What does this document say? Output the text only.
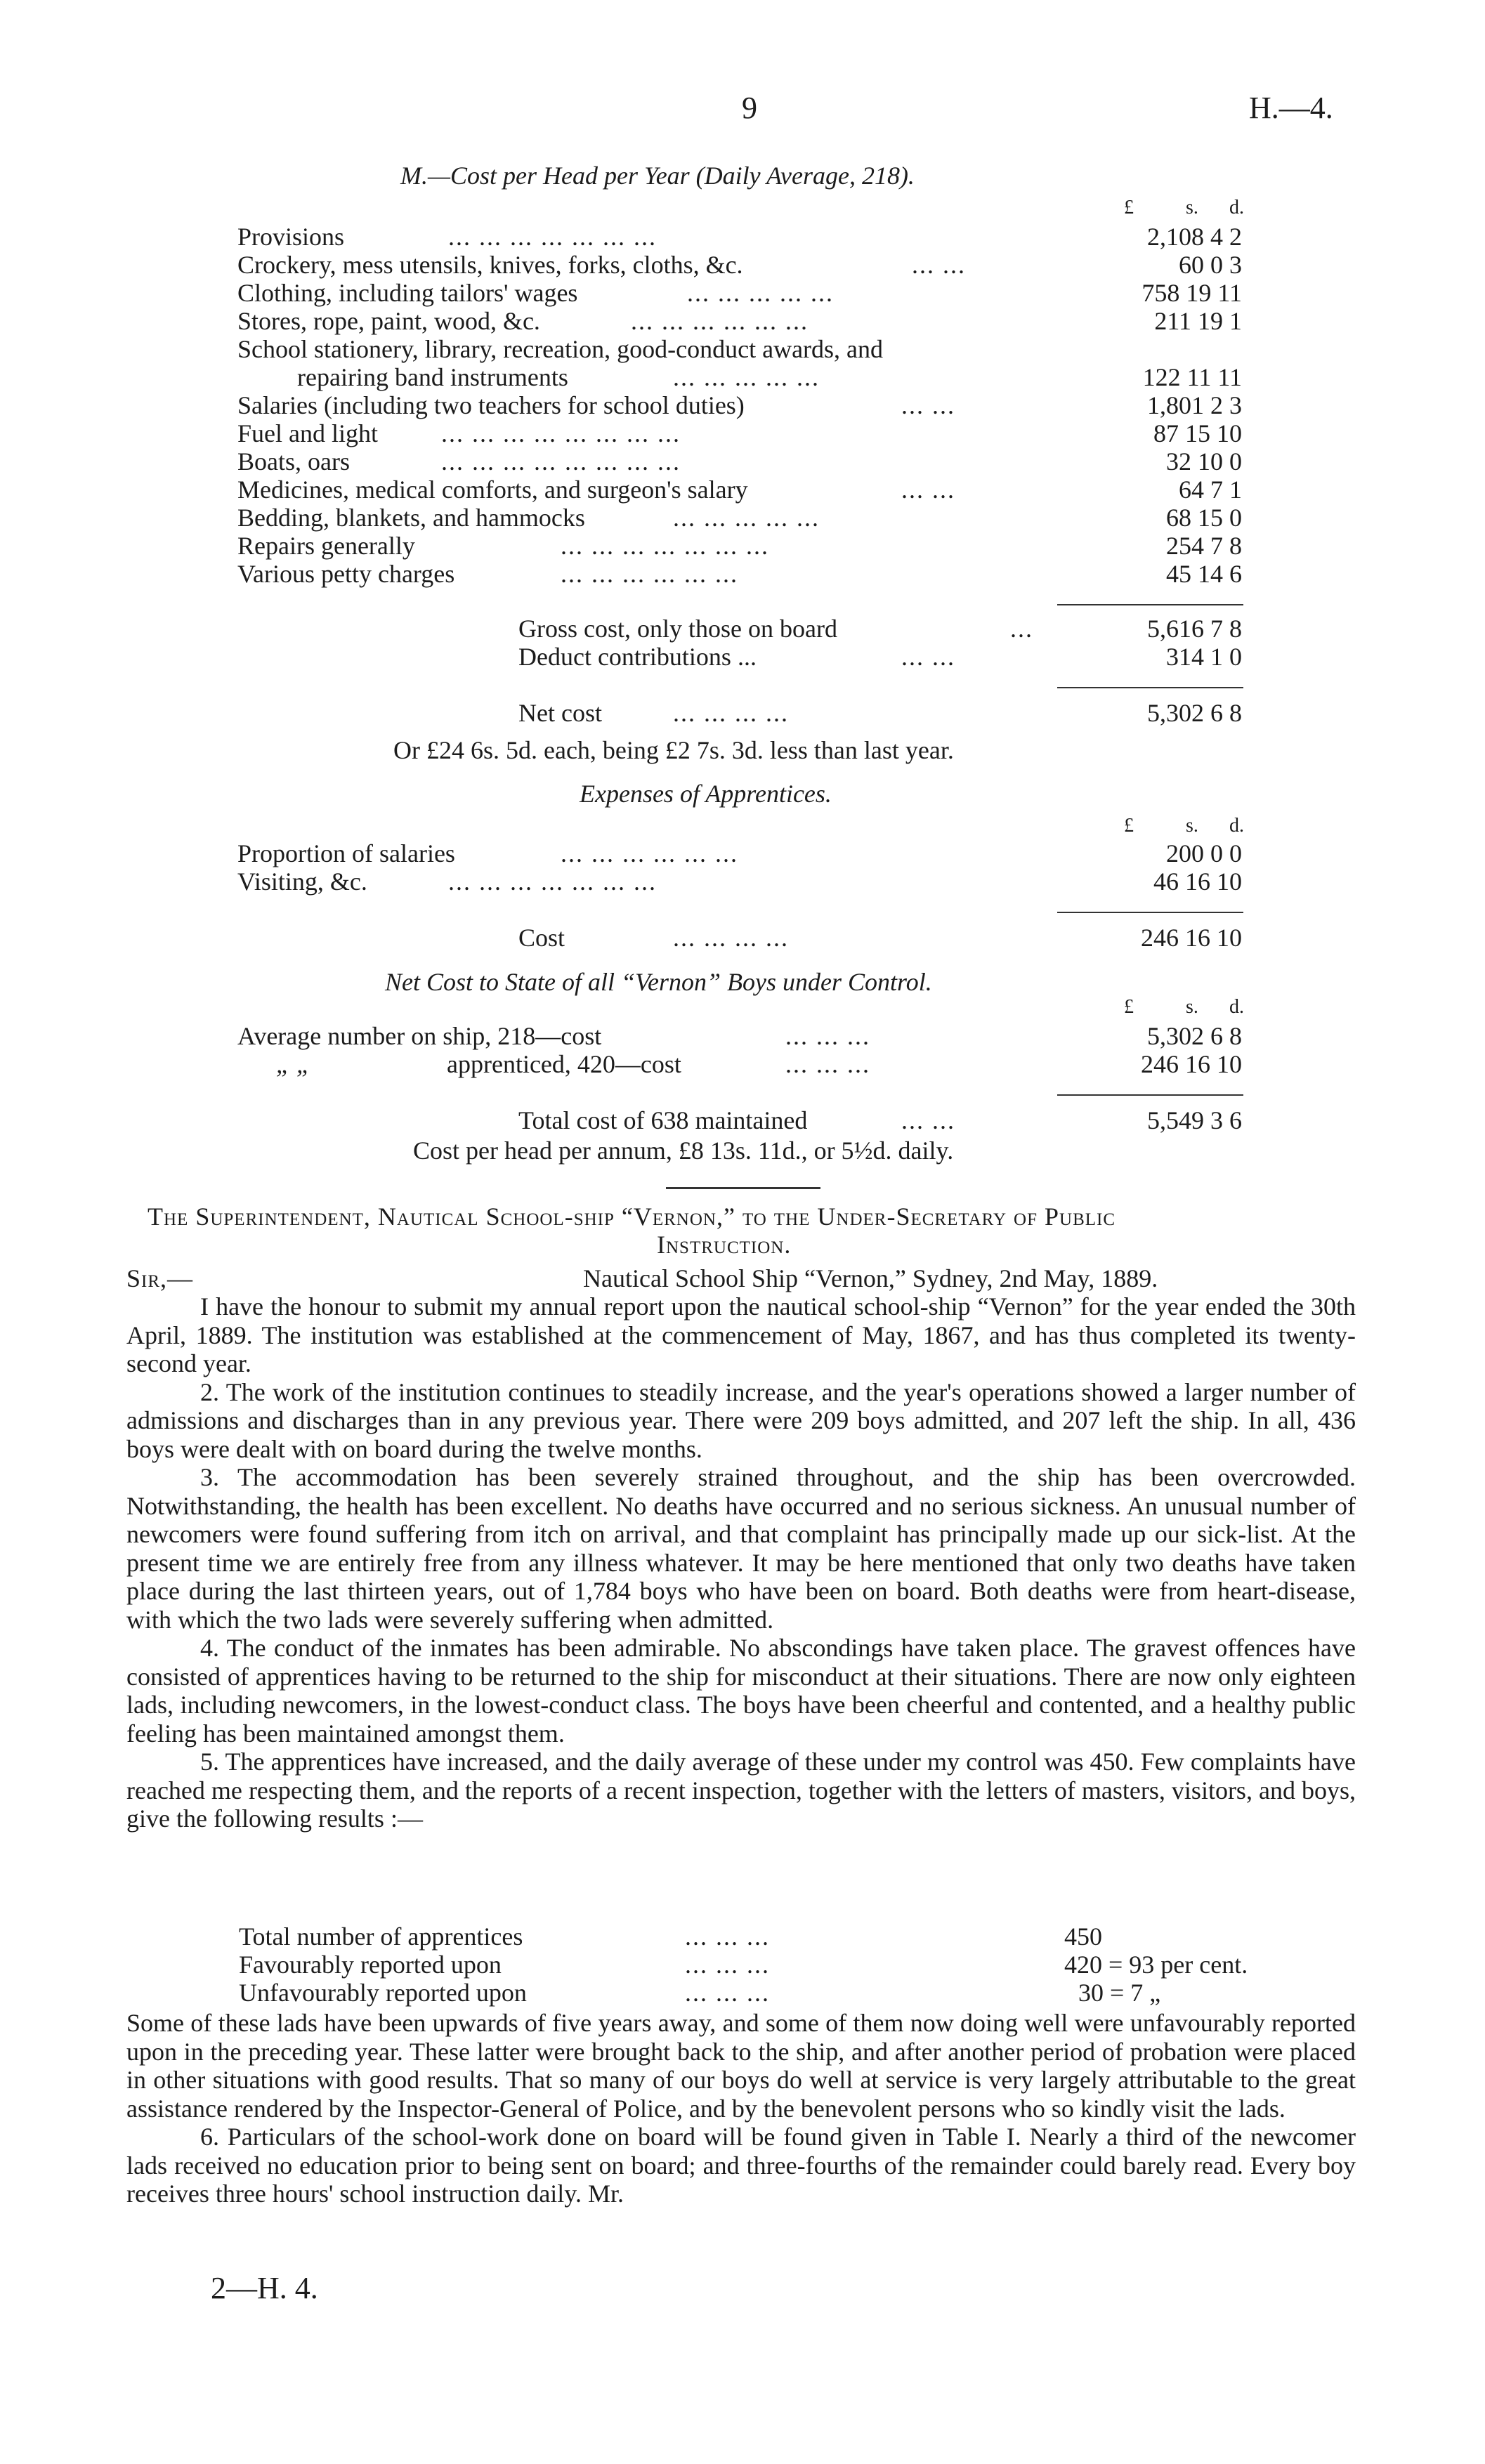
9	H.—4.
M.—Cost per Head per Year (Daily Average, 218).
£	s. d.
Provisions	... ... ... ... ... ... ...	2,108 4 2
Crockery, mess utensils, knives, forks, cloths, &c.	... ...	60 0 3
Clothing, including tailors' wages	... ... ... ... ...	758 19 11
Stores, rope, paint, wood, &c.	... ... ... ... ... ...	211 19 1
School stationery, library, recreation, good-conduct awards, and
repairing band instruments	... ... ... ... ...	122 11 11
Salaries (including two teachers for school duties)	... ...	1,801 2 3
Fuel and light	... ... ... ... ... ... ... ...	87 15 10
Boats, oars	... ... ... ... ... ... ... ...	32 10 0
Medicines, medical comforts, and surgeon's salary	... ...	64 7 1
Bedding, blankets, and hammocks	... ... ... ... ...	68 15 0
Repairs generally	... ... ... ... ... ... ...	254 7 8
Various petty charges	... ... ... ... ... ...	45 14 6
Gross cost, only those on board	...	5,616 7 8
Deduct contributions ...	... ...	314 1 0
Net cost	... ... ... ...	5,302 6 8
Or £24 6s. 5d. each, being £2 7s. 3d. less than last year.
Expenses of Apprentices.
£	s. d.
Proportion of salaries	... ... ... ... ... ...	200 0 0
Visiting, &c.	... ... ... ... ... ... ...	46 16 10
Cost	... ... ... ...	246 16 10
Net Cost to State of all “Vernon” Boys under Control.
£	s. d.
Average number on ship, 218—cost	... ... ...	5,302 6 8
„ „	apprenticed, 420—cost	... ... ...	246 16 10
Total cost of 638 maintained	... ...	5,549 3 6
Cost per head per annum, £8 13s. 11d., or 5½d. daily.
The Superintendent, Nautical School-ship “Vernon,” to the Under-Secretary of Public
Instruction.
Sir,—	Nautical School Ship “Vernon,” Sydney, 2nd May, 1889.

I have the honour to submit my annual report upon the nautical school-ship “Vernon” for the year ended the 30th April, 1889. The institution was established at the commencement of May, 1867, and has thus completed its twenty-second year.

2. The work of the institution continues to steadily increase, and the year's operations showed a larger number of admissions and discharges than in any previous year. There were 209 boys admitted, and 207 left the ship. In all, 436 boys were dealt with on board during the twelve months.

3. The accommodation has been severely strained throughout, and the ship has been overcrowded. Notwithstanding, the health has been excellent. No deaths have occurred and no serious sickness. An unusual number of newcomers were found suffering from itch on arrival, and that complaint has principally made up our sick-list. At the present time we are entirely free from any illness whatever. It may be here mentioned that only two deaths have taken place during the last thirteen years, out of 1,784 boys who have been on board. Both deaths were from heart-disease, with which the two lads were severely suffering when admitted.

4. The conduct of the inmates has been admirable. No abscondings have taken place. The gravest offences have consisted of apprentices having to be returned to the ship for misconduct at their situations. There are now only eighteen lads, including newcomers, in the lowest-conduct class. The boys have been cheerful and contented, and a healthy public feeling has been maintained amongst them.

5. The apprentices have increased, and the daily average of these under my control was 450. Few complaints have reached me respecting them, and the reports of a recent inspection, together with the letters of masters, visitors, and boys, give the following results :—

Total number of apprentices	... ... ...	450
Favourably reported upon	... ... ...	420 = 93 per cent.
Unfavourably reported upon	... ... ...	30 = 7 „

Some of these lads have been upwards of five years away, and some of them now doing well were unfavourably reported upon in the preceding year. These latter were brought back to the ship, and after another period of probation were placed in other situations with good results. That so many of our boys do well at service is very largely attributable to the great assistance rendered by the Inspector-General of Police, and by the benevolent persons who so kindly visit the lads.

6. Particulars of the school-work done on board will be found given in Table I. Nearly a third of the newcomer lads received no education prior to being sent on board; and three-fourths of the remainder could barely read. Every boy receives three hours' school instruction daily. Mr.

2—H. 4.
